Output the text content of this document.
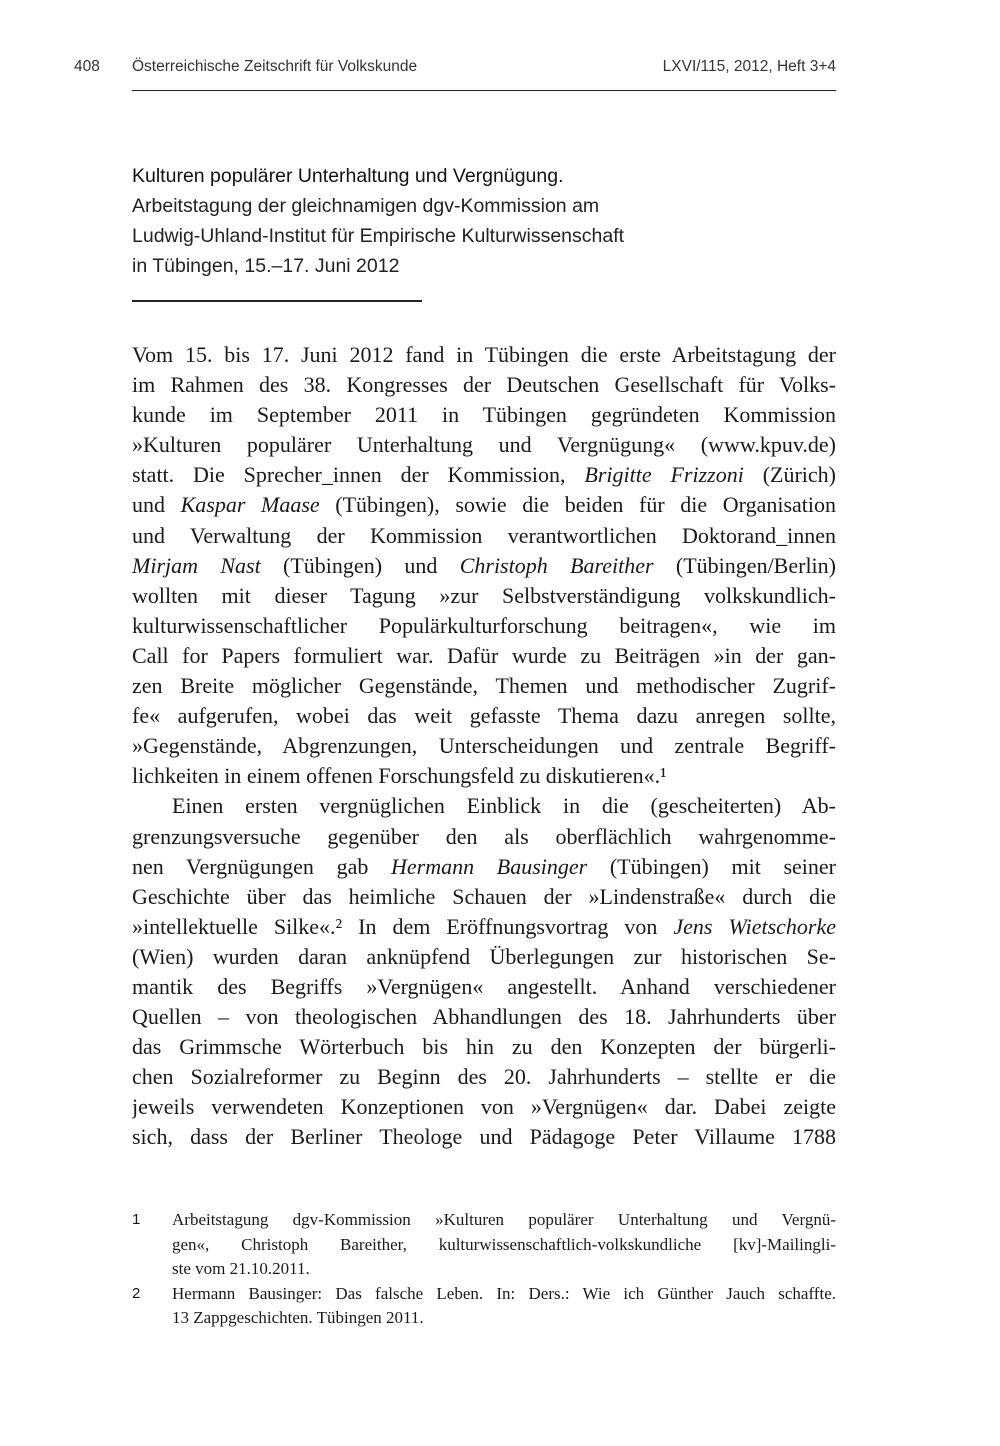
408 Österreichische Zeitschrift für Volkskunde	LXVI/115, 2012, Heft 3+4
Kulturen populärer Unterhaltung und Vergnügung.
Arbeitstagung der gleichnamigen dgv-Kommission am
Ludwig-Uhland-Institut für Empirische Kulturwissenschaft
in Tübingen, 15.–17. Juni 2012
Vom 15. bis 17. Juni 2012 fand in Tübingen die erste Arbeitstagung der
im Rahmen des 38. Kongresses der Deutschen Gesellschaft für Volks-
kunde im September 2011 in Tübingen gegründeten Kommission
»Kulturen populärer Unterhaltung und Vergnügung« (www.kpuv.de)
statt. Die Sprecher_innen der Kommission, Brigitte Frizzoni (Zürich)
und Kaspar Maase (Tübingen), sowie die beiden für die Organisation
und Verwaltung der Kommission verantwortlichen Doktorand_innen
Mirjam Nast (Tübingen) und Christoph Bareither (Tübingen/Berlin)
wollten mit dieser Tagung »zur Selbstverständigung volkskundlich-
kulturwissenschaftlicher Populärkulturforschung beitragen«, wie im
Call for Papers formuliert war. Dafür wurde zu Beiträgen »in der gan-
zen Breite möglicher Gegenstände, Themen und methodischer Zugrif-
fe« aufgerufen, wobei das weit gefasste Thema dazu anregen sollte,
»Gegenstände, Abgrenzungen, Unterscheidungen und zentrale Begriff-
lichkeiten in einem offenen Forschungsfeld zu diskutieren«.¹
Einen ersten vergnüglichen Einblick in die (gescheiterten) Ab-
grenzungsversuche gegenüber den als oberflächlich wahrgenomme-
nen Vergnügungen gab Hermann Bausinger (Tübingen) mit seiner
Geschichte über das heimliche Schauen der »Lindenstraße« durch die
»intellektuelle Silke«.² In dem Eröffnungsvortrag von Jens Wietschorke
(Wien) wurden daran anknüpfend Überlegungen zur historischen Se-
mantik des Begriffs »Vergnügen« angestellt. Anhand verschiedener
Quellen – von theologischen Abhandlungen des 18. Jahrhunderts über
das Grimmsche Wörterbuch bis hin zu den Konzepten der bürgerli-
chen Sozialreformer zu Beginn des 20. Jahrhunderts – stellte er die
jeweils verwendeten Konzeptionen von »Vergnügen« dar. Dabei zeigte
sich, dass der Berliner Theologe und Pädagoge Peter Villaume 1788
1 Arbeitstagung dgv-Kommission »Kulturen populärer Unterhaltung und Vergnü-
gen«, Christoph Bareither, kulturwissenschaftlich-volkskundliche [kv]-Mailingli-
ste vom 21.10.2011.
2 Hermann Bausinger: Das falsche Leben. In: Ders.: Wie ich Günther Jauch schaffte.
13 Zappgeschichten. Tübingen 2011.
